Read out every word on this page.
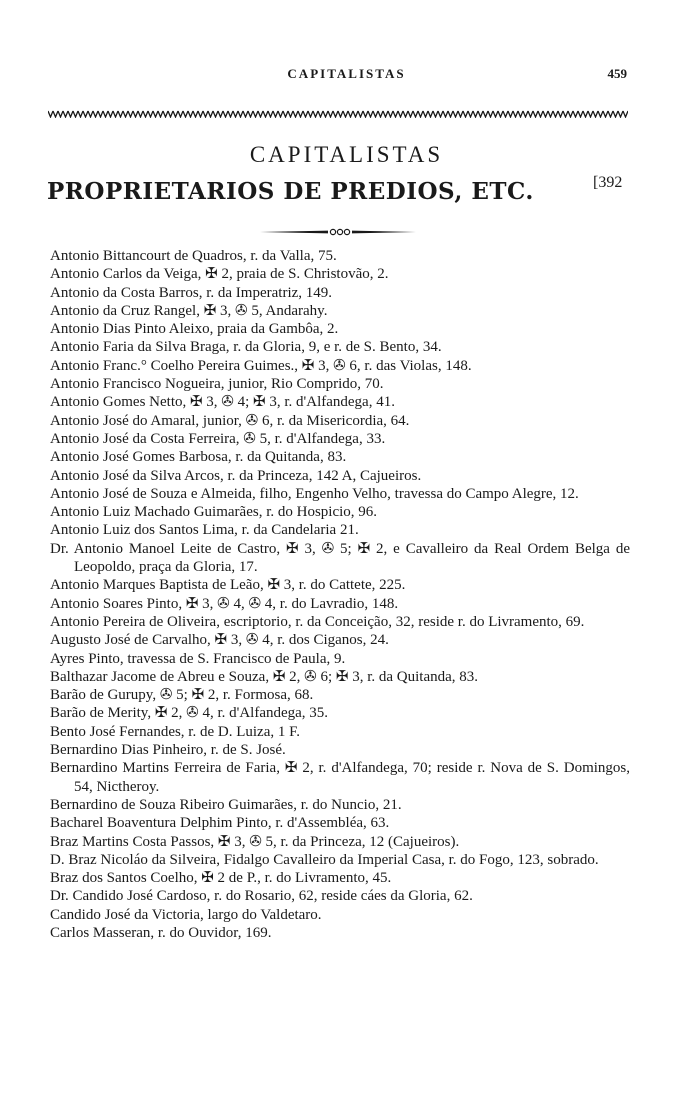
CAPITALISTAS	459
CAPITALISTAS
PROPRIETARIOS DE PREDIOS, ETC.	[392

Antonio Bittancourt de Quadros, r. da Valla, 75.

Antonio Carlos da Veiga, ✠ 2, praia de S. Christovão, 2.

Antonio da Costa Barros, r. da Imperatriz, 149.

Antonio da Cruz Rangel, ✠ 3, ✇ 5, Andarahy.

Antonio Dias Pinto Aleixo, praia da Gambôa, 2.

Antonio Faria da Silva Braga, r. da Gloria, 9, e r. de S. Bento, 34.

Antonio Franc.° Coelho Pereira Guimes., ✠ 3, ✇ 6, r. das Violas, 148.

Antonio Francisco Nogueira, junior, Rio Comprido, 70.

Antonio Gomes Netto, ✠ 3, ✇ 4; ✠ 3, r. d'Alfandega, 41.

Antonio José do Amaral, junior, ✇ 6, r. da Misericordia, 64.

Antonio José da Costa Ferreira, ✇ 5, r. d'Alfandega, 33.

Antonio José Gomes Barbosa, r. da Quitanda, 83.

Antonio José da Silva Arcos, r. da Princeza, 142 A, Cajueiros.

Antonio José de Souza e Almeida, filho, Engenho Velho, travessa do Campo Alegre, 12.

Antonio Luiz Machado Guimarães, r. do Hospicio, 96.

Antonio Luiz dos Santos Lima, r. da Candelaria 21.

Dr. Antonio Manoel Leite de Castro, ✠ 3, ✇ 5; ✠ 2, e Cavalleiro da Real Ordem Belga de Leopoldo, praça da Gloria, 17.

Antonio Marques Baptista de Leão, ✠ 3, r. do Cattete, 225.

Antonio Soares Pinto, ✠ 3, ✇ 4, ✇ 4, r. do Lavradio, 148.

Antonio Pereira de Oliveira, escriptorio, r. da Conceição, 32, reside r. do Livramento, 69.

Augusto José de Carvalho, ✠ 3, ✇ 4, r. dos Ciganos, 24.

Ayres Pinto, travessa de S. Francisco de Paula, 9.

Balthazar Jacome de Abreu e Souza, ✠ 2, ✇ 6; ✠ 3, r. da Quitanda, 83.

Barão de Gurupy, ✇ 5; ✠ 2, r. Formosa, 68.

Barão de Merity, ✠ 2, ✇ 4, r. d'Alfandega, 35.

Bento José Fernandes, r. de D. Luiza, 1 F.

Bernardino Dias Pinheiro, r. de S. José.

Bernardino Martins Ferreira de Faria, ✠ 2, r. d'Alfandega, 70; reside r. Nova de S. Domingos, 54, Nictheroy.

Bernardino de Souza Ribeiro Guimarães, r. do Nuncio, 21.

Bacharel Boaventura Delphim Pinto, r. d'Assembléa, 63.

Braz Martins Costa Passos, ✠ 3, ✇ 5, r. da Princeza, 12 (Cajueiros).

D. Braz Nicoláo da Silveira, Fidalgo Cavalleiro da Imperial Casa, r. do Fogo, 123, sobrado.

Braz dos Santos Coelho, ✠ 2 de P., r. do Livramento, 45.

Dr. Candido José Cardoso, r. do Rosario, 62, reside cáes da Gloria, 62.

Candido José da Victoria, largo do Valdetaro.

Carlos Masseran, r. do Ouvidor, 169.
